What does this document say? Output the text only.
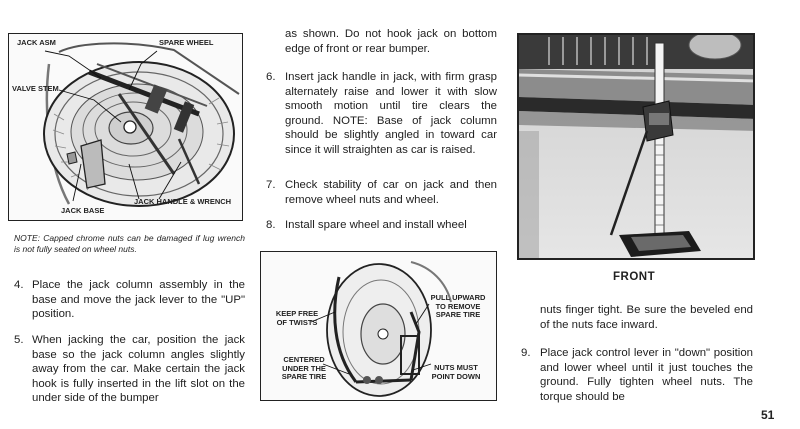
JACK ASM	SPARE WHEEL
VALVE STEM
JACK BASE
JACK HANDLE & WRENCH
NOTE: Capped chrome nuts can be damaged if lug wrench is not fully seated on wheel nuts.
4. Place the jack column assembly in the base and move the jack lever to the "UP" position.
5. When jacking the car, position the jack base so the jack column angles slightly away from the car. Make certain the jack hook is fully inserted in the lift slot on the under side of the bumper
as shown. Do not hook jack on bottom edge of front or rear bumper.
6. Insert jack handle in jack, with firm grasp alternately raise and lower it with slow smooth motion until tire clears the ground. NOTE: Base of jack column should be slightly angled in toward car since it will straighten as car is raised.
7. Check stability of car on jack and then remove wheel nuts and wheel.
8. Install spare wheel and install wheel
KEEP FREE OF TWISTS
CENTERED UNDER THE SPARE TIRE
PULL UPWARD TO REMOVE SPARE TIRE
NUTS MUST POINT DOWN
FRONT
nuts finger tight. Be sure the beveled end of the nuts face inward.
9. Place jack control lever in "down" position and lower wheel until it just touches the ground. Fully tighten wheel nuts. The torque should be
51
